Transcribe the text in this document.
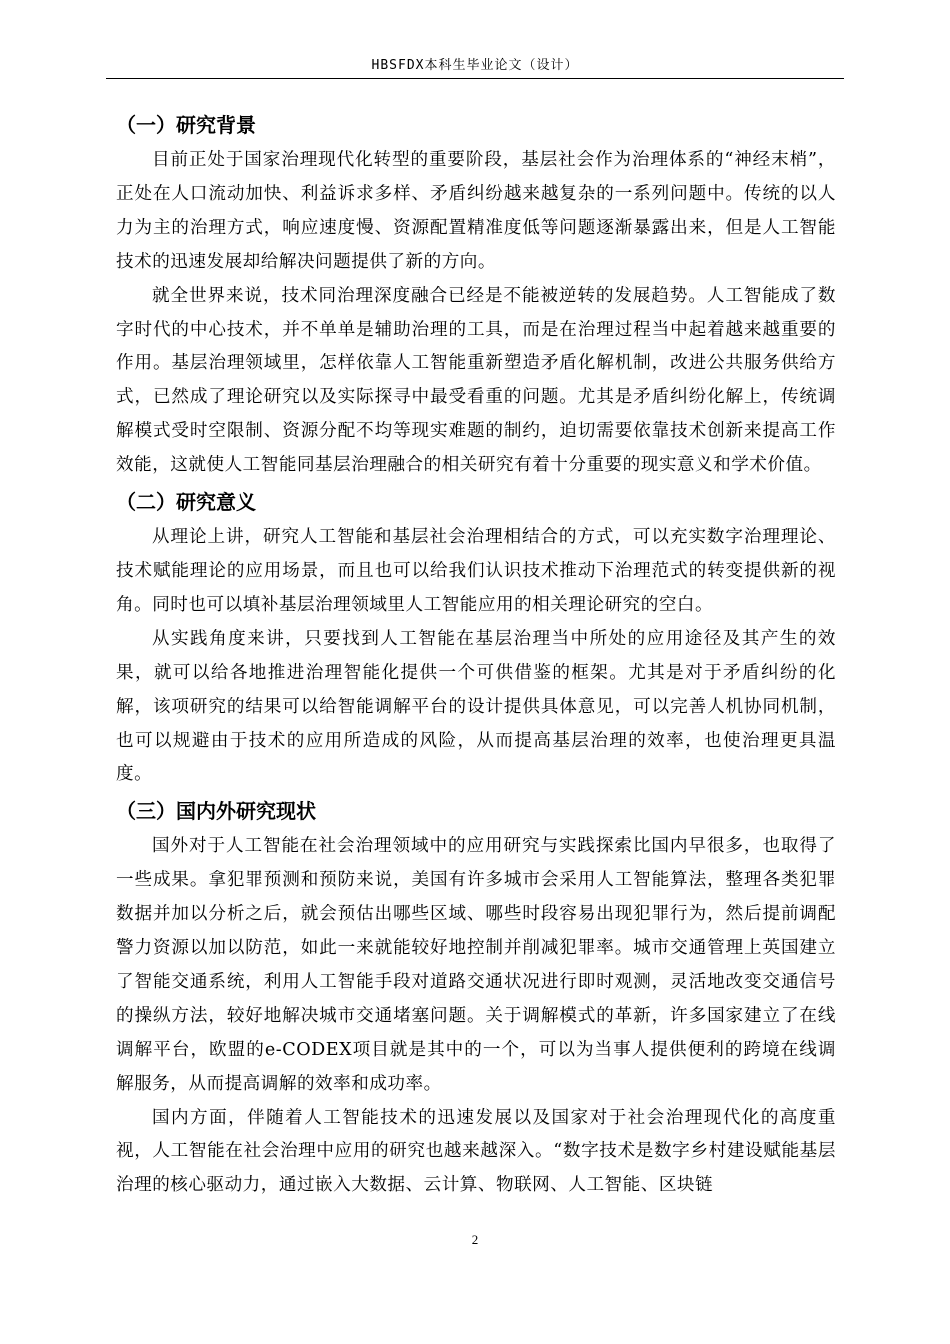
HBSFDX本科生毕业论文（设计）
（一）研究背景

目前正处于国家治理现代化转型的重要阶段，基层社会作为治理体系的“神经末梢”，正处在人口流动加快、利益诉求多样、矛盾纠纷越来越复杂的一系列问题中。传统的以人力为主的治理方式，响应速度慢、资源配置精准度低等问题逐渐暴露出来，但是人工智能技术的迅速发展却给解决问题提供了新的方向。

就全世界来说，技术同治理深度融合已经是不能被逆转的发展趋势。人工智能成了数字时代的中心技术，并不单单是辅助治理的工具，而是在治理过程当中起着越来越重要的作用。基层治理领域里，怎样依靠人工智能重新塑造矛盾化解机制，改进公共服务供给方式，已然成了理论研究以及实际探寻中最受看重的问题。尤其是矛盾纠纷化解上，传统调解模式受时空限制、资源分配不均等现实难题的制约，迫切需要依靠技术创新来提高工作效能，这就使人工智能同基层治理融合的相关研究有着十分重要的现实意义和学术价值。

（二）研究意义

从理论上讲，研究人工智能和基层社会治理相结合的方式，可以充实数字治理理论、技术赋能理论的应用场景，而且也可以给我们认识技术推动下治理范式的转变提供新的视角。同时也可以填补基层治理领域里人工智能应用的相关理论研究的空白。

从实践角度来讲，只要找到人工智能在基层治理当中所处的应用途径及其产生的效果，就可以给各地推进治理智能化提供一个可供借鉴的框架。尤其是对于矛盾纠纷的化解，该项研究的结果可以给智能调解平台的设计提供具体意见，可以完善人机协同机制，也可以规避由于技术的应用所造成的风险，从而提高基层治理的效率，也使治理更具温度。

（三）国内外研究现状

国外对于人工智能在社会治理领域中的应用研究与实践探索比国内早很多，也取得了一些成果。拿犯罪预测和预防来说，美国有许多城市会采用人工智能算法，整理各类犯罪数据并加以分析之后，就会预估出哪些区域、哪些时段容易出现犯罪行为，然后提前调配警力资源以加以防范，如此一来就能较好地控制并削减犯罪率。城市交通管理上英国建立了智能交通系统，利用人工智能手段对道路交通状况进行即时观测，灵活地改变交通信号的操纵方法，较好地解决城市交通堵塞问题。关于调解模式的革新，许多国家建立了在线调解平台，欧盟的e-CODEX项目就是其中的一个，可以为当事人提供便利的跨境在线调解服务，从而提高调解的效率和成功率。

国内方面，伴随着人工智能技术的迅速发展以及国家对于社会治理现代化的高度重视，人工智能在社会治理中应用的研究也越来越深入。“数字技术是数字乡村建设赋能基层治理的核心驱动力，通过嵌入大数据、云计算、物联网、人工智能、区块链

2
